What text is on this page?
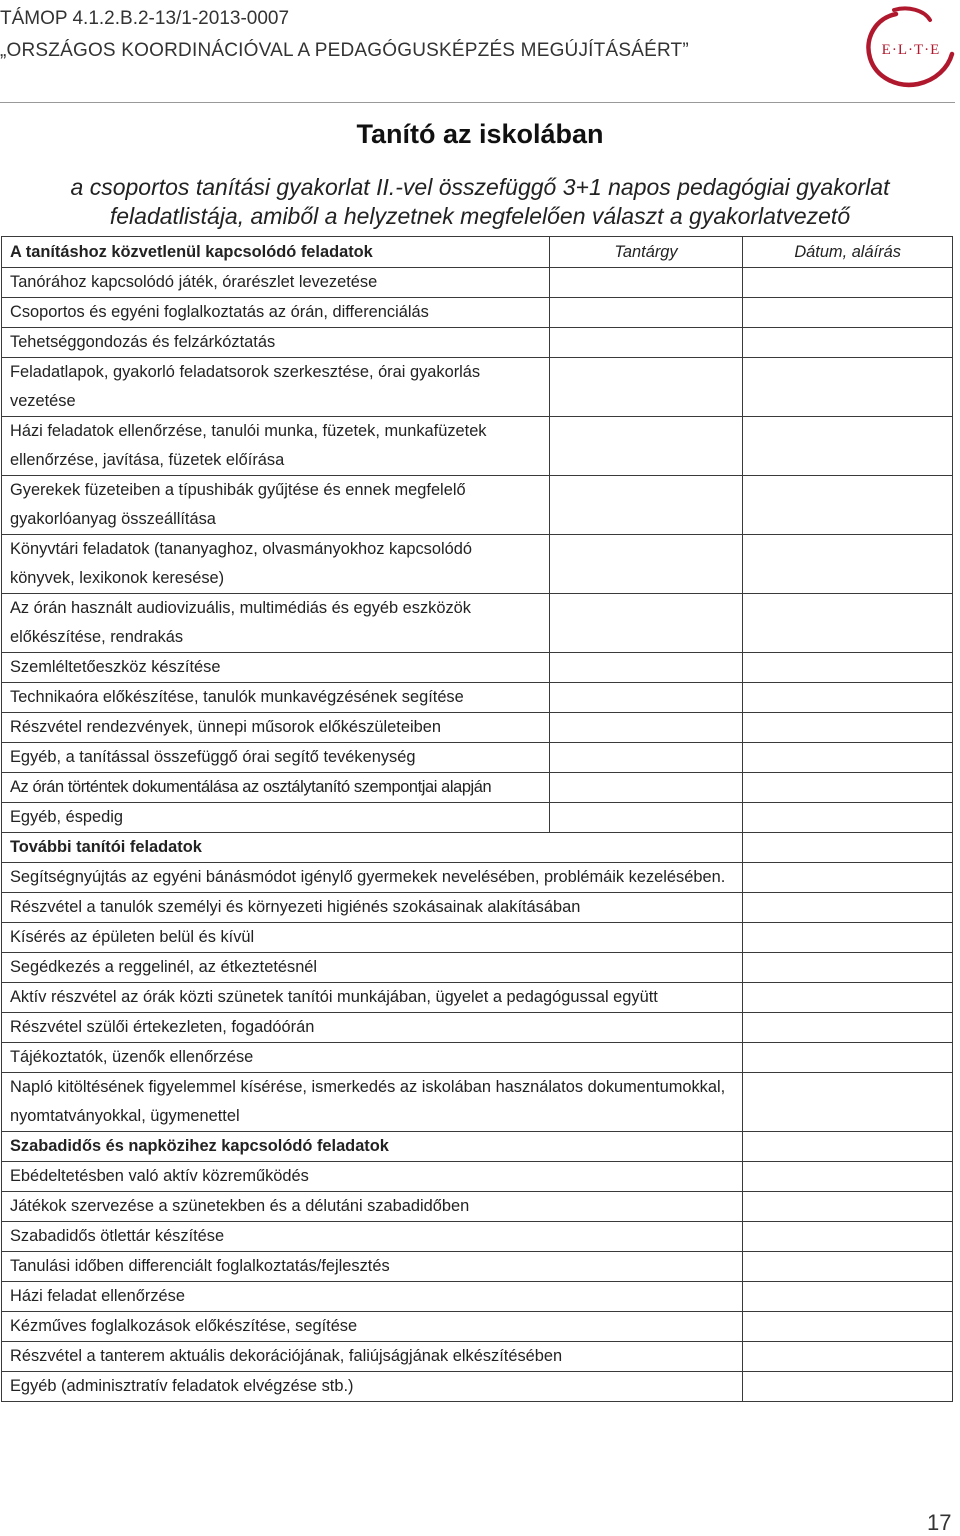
TÁMOP 4.1.2.B.2-13/1-2013-0007
„ORSZÁGOS KOORDINÁCIÓVAL A PEDAGÓGUSKÉPZÉS MEGÚJÍTÁSÁÉRT”	E·L·T·E
Tanító az iskolában
a csoportos tanítási gyakorlat II.-vel összefüggő 3+1 napos pedagógiai gyakorlat
feladatlistája, amiből a helyzetnek megfelelően választ a gyakorlatvezető
A tanításhoz közvetlenül kapcsolódó feladatok	Tantárgy	Dátum, aláírás
Tanórához kapcsolódó játék, órarészlet levezetése		
Csoportos és egyéni foglalkoztatás az órán, differenciálás		
Tehetséggondozás és felzárkóztatás		
Feladatlapok, gyakorló feladatsorok szerkesztése, órai gyakorlás vezetése		
Házi feladatok ellenőrzése, tanulói munka, füzetek, munkafüzetek ellenőrzése, javítása, füzetek előírása		
Gyerekek füzeteiben a típushibák gyűjtése és ennek megfelelő gyakorlóanyag összeállítása		
Könyvtári feladatok (tananyaghoz, olvasmányokhoz kapcsolódó könyvek, lexikonok keresése)		
Az órán használt audiovizuális, multimédiás és egyéb eszközök előkészítése, rendrakás		
Szemléltetőeszköz készítése		
Technikaóra előkészítése, tanulók munkavégzésének segítése		
Részvétel rendezvények, ünnepi műsorok előkészületeiben		
Egyéb, a tanítással összefüggő órai segítő tevékenység		
Az órán történtek dokumentálása az osztálytanító szempontjai alapján		
Egyéb, éspedig		
További tanítói feladatok		
Segítségnyújtás az egyéni bánásmódot igénylő gyermekek nevelésében, problémáik kezelésében.		
Részvétel a tanulók személyi és környezeti higiénés szokásainak alakításában		
Kísérés az épületen belül és kívül		
Segédkezés a reggelinél, az étkeztetésnél		
Aktív részvétel az órák közti szünetek tanítói munkájában, ügyelet a pedagógussal együtt		
Részvétel szülői értekezleten, fogadóórán		
Tájékoztatók, üzenők ellenőrzése		
Napló kitöltésének figyelemmel kísérése, ismerkedés az iskolában használatos dokumentumokkal, nyomtatványokkal, ügymenettel		
Szabadidős és napközihez kapcsolódó feladatok		
Ebédeltetésben való aktív közreműködés		
Játékok szervezése a szünetekben és a délutáni szabadidőben		
Szabadidős ötlettár készítése		
Tanulási időben differenciált foglalkoztatás/fejlesztés		
Házi feladat ellenőrzése		
Kézműves foglalkozások előkészítése, segítése		
Részvétel a tanterem aktuális dekorációjának, faliújságjának elkészítésében		
Egyéb (adminisztratív feladatok elvégzése stb.)		
17
